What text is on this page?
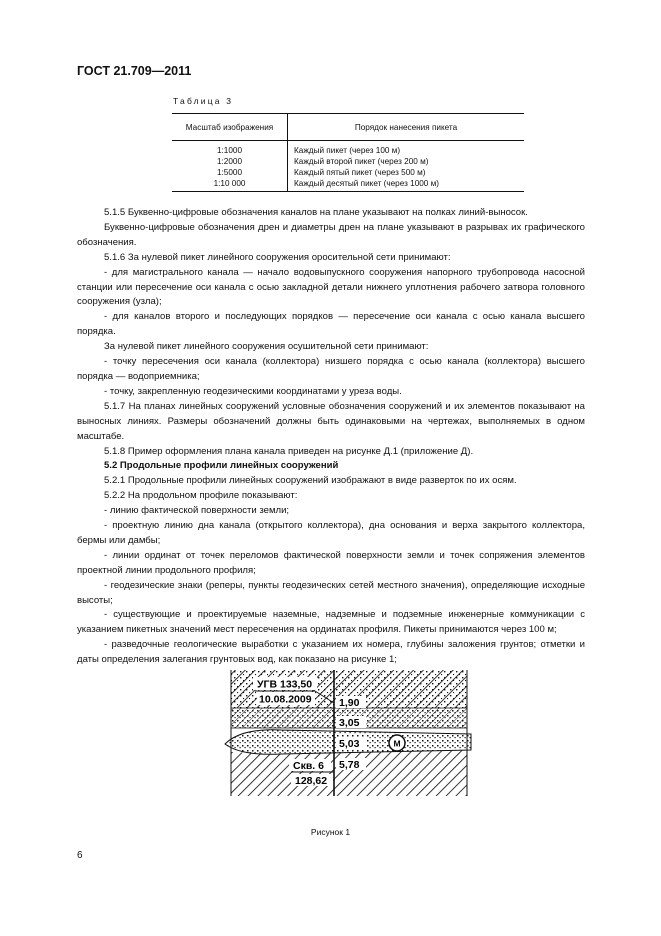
ГОСТ 21.709—2011
Таблица 3
Масштаб изображения	Порядок нанесения пикета
1:1000	Каждый пикет (через 100 м)
1:2000	Каждый второй пикет (через 200 м)
1:5000	Каждый пятый пикет (через 500 м)
1:10 000	Каждый десятый пикет (через 1000 м)

5.1.5 Буквенно-цифровые обозначения каналов на плане указывают на полках линий-выносок.

Буквенно-цифровые обозначения дрен и диаметры дрен на плане указывают в разрывах их графического обозначения.

5.1.6 За нулевой пикет линейного сооружения оросительной сети принимают:

- для магистрального канала — начало водовыпускного сооружения напорного трубопровода насосной станции или пересечение оси канала с осью закладной детали нижнего уплотнения рабочего затвора головного сооружения (узла);

- для каналов второго и последующих порядков — пересечение оси канала с осью канала высшего порядка.

За нулевой пикет линейного сооружения осушительной сети принимают:

- точку пересечения оси канала (коллектора) низшего порядка с осью канала (коллектора) высшего порядка — водоприемника;

- точку, закрепленную геодезическими координатами у уреза воды.

5.1.7 На планах линейных сооружений условные обозначения сооружений и их элементов показывают на выносных линиях. Размеры обозначений должны быть одинаковыми на чертежах, выполняемых в одном масштабе.

5.1.8 Пример оформления плана канала приведен на рисунке Д.1 (приложение Д).

5.2 Продольные профили линейных сооружений

5.2.1 Продольные профили линейных сооружений изображают в виде разверток по их осям.

5.2.2 На продольном профиле показывают:

- линию фактической поверхности земли;

- проектную линию дна канала (открытого коллектора), дна основания и верха закрытого коллектора, бермы или дамбы;

- линии ординат от точек переломов фактической поверхности земли и точек сопряжения элементов проектной линии продольного профиля;

- геодезические знаки (реперы, пункты геодезических сетей местного значения), определяющие исходные высоты;

- существующие и проектируемые наземные, надземные и подземные инженерные коммуникации с указанием пикетных значений мест пересечения на ординатах профиля. Пикеты принимаются через 100 м;

- разведочные геологические выработки с указанием их номера, глубины заложения грунтов; отметки и даты определения залегания грунтовых вод, как показано на рисунке 1;

УГВ 133,50
10.08.2009	1,90
3,05
5,03	М
5,78
Скв. 6
128,62
Рисунок 1
6
